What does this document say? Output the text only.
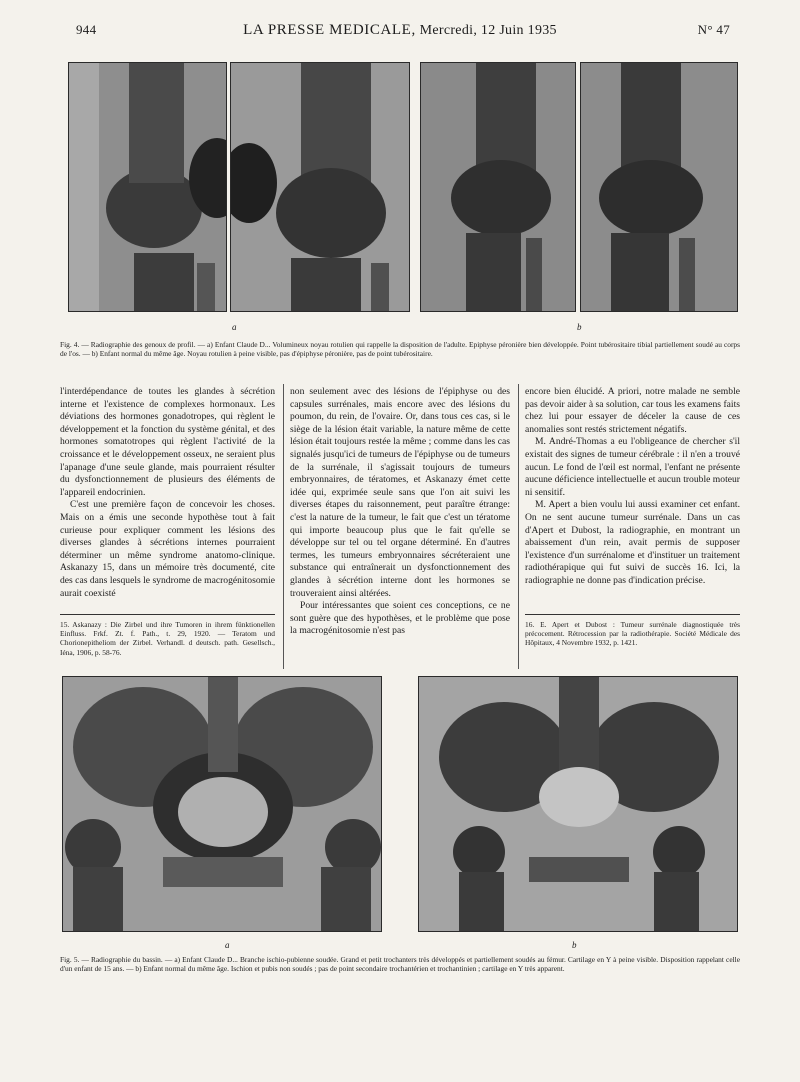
944	LA PRESSE MEDICALE, Mercredi, 12 Juin 1935	N° 47
a	b
Fig. 4. — Radiographie des genoux de profil. — a) Enfant Claude D... Volumineux noyau rotulien qui rappelle la disposition de l'adulte. Epiphyse péronière bien développée. Point tubérositaire tibial partiellement soudé au corps de l'os. — b) Enfant normal du même âge. Noyau rotulien à peine visible, pas d'épiphyse péronière, pas de point tubérositaire.

l'interdépendance de toutes les glandes à sécrétion interne et l'existence de complexes hormonaux. Les déviations des hormones gonadotropes, qui règlent le développement et la fonction du système génital, et des hormones somatotropes qui règlent l'activité de la croissance et le développement osseux, ne seraient plus l'apanage d'une seule glande, mais pourraient résulter du dysfonctionnement de plusieurs des éléments de l'appareil endocrinien.

C'est une première façon de concevoir les choses. Mais on a émis une seconde hypothèse tout à fait curieuse pour expliquer comment les lésions des diverses glandes à sécrétions internes pourraient déterminer un même syndrome anatomo-clinique. Askanazy 15, dans un mémoire très documenté, cite des cas dans lesquels le syndrome de macrogénitosomie aurait coexisté

15. Askanazy : Die Zirbel und ihre Tumoren in ihrem fünktionellen Einfluss. Frkf. Zt. f. Path., t. 29, 1920. — Teratom und Chorionepitheliom der Zirbel. Verhandl. d deutsch. path. Gesellsch., Iéna, 1906, p. 58-76.

non seulement avec des lésions de l'épiphyse ou des capsules surrénales, mais encore avec des lésions du poumon, du rein, de l'ovaire. Or, dans tous ces cas, si le siège de la lésion était variable, la nature même de cette lésion était toujours restée la même ; comme dans les cas signalés jusqu'ici de tumeurs de l'épiphyse ou de tumeurs de la surrénale, il s'agissait toujours de tumeurs embryonnaires, de tératomes, et Askanazy émet cette idée qui, exprimée seule sans que l'on ait suivi les diverses étapes du raisonnement, peut paraître étrange: c'est la nature de la tumeur, le fait que c'est un tératome qui importe beaucoup plus que le fait qu'elle se développe sur tel ou tel organe déterminé. En d'autres termes, les tumeurs embryonnaires sécréteraient une substance qui entraînerait un dysfonctionnement des glandes à sécrétion interne dont les hormones se trouveraient ainsi altérées.

Pour intéressantes que soient ces conceptions, ce ne sont guère que des hypothèses, et le problème que pose la macrogénitosomie n'est pas

encore bien élucidé. A priori, notre malade ne semble pas devoir aider à sa solution, car tous les examens faits chez lui pour essayer de déceler la cause de ces anomalies sont restés strictement négatifs.

M. André-Thomas a eu l'obligeance de chercher s'il existait des signes de tumeur cérébrale : il n'en a trouvé aucun. Le fond de l'œil est normal, l'enfant ne présente aucune déficience intellectuelle et aucun trouble moteur ni sensitif.

M. Apert a bien voulu lui aussi examiner cet enfant. On ne sent aucune tumeur surrénale. Dans un cas d'Apert et Dubost, la radiographie, en montrant un abaissement d'un rein, avait permis de supposer l'existence d'un surrénalome et d'instituer un traitement radiothérapique qui fut suivi de succès 16. Ici, la radiographie ne donne pas d'indication précise.

16. E. Apert et Dubost : Tumeur surrénale diagnostiquée très précocement. Rétrocession par la radiothérapie. Société Médicale des Hôpitaux, 4 Novembre 1932, p. 1421.
a	b
Fig. 5. — Radiographie du bassin. — a) Enfant Claude D... Branche ischio-pubienne soudée. Grand et petit trochanters très développés et partiellement soudés au fémur. Cartilage en Y à peine visible. Disposition rappelant celle d'un enfant de 15 ans. — b) Enfant normal du même âge. Ischion et pubis non soudés ; pas de point secondaire trochantérien et trochantinien ; cartilage en Y très apparent.
